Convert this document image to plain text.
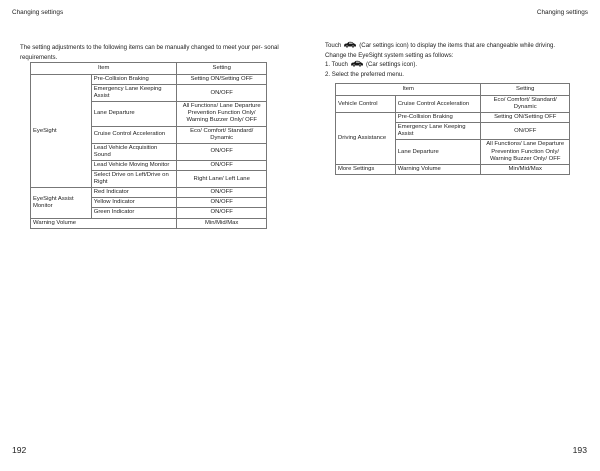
Changing settings
The setting adjustments to the following items can be manually changed to meet your per- sonal requirements.
Item		Setting
EyeSight	Pre-Collision Braking	Setting ON/Setting OFF
	Emergency Lane Keeping Assist	ON/OFF
	Lane Departure	All Functions/ Lane Departure Prevention Function Only/ Warning Buzzer Only/ OFF
	Cruise Control Acceleration	Eco/ Comfort/ Standard/ Dynamic
	Lead Vehicle Acquisition Sound	ON/OFF
	Lead Vehicle Moving Monitor	ON/OFF
	Select Drive on Left/Drive on Right	Right Lane/ Left Lane
EyeSight Assist Monitor	Red Indicator	ON/OFF
	Yellow Indicator	ON/OFF
	Green Indicator	ON/OFF
Warning Volume		Min/Mid/Max
192
Changing settings
Touch	(Car settings icon) to display the items that are changeable while driving.
Change the EyeSight system setting as follows:
1. Touch	(Car settings icon).
2. Select the preferred menu.
Item		Setting
Vehicle Control	Cruise Control Acceleration	Eco/ Comfort/ Standard/ Dynamic
Driving Assistance	Pre-Collision Braking	Setting ON/Setting OFF
	Emergency Lane Keeping Assist	ON/OFF
	Lane Departure	All Functions/ Lane Departure Prevention Function Only/ Warning Buzzer Only/ OFF
More Settings	Warning Volume	Min/Mid/Max
193
